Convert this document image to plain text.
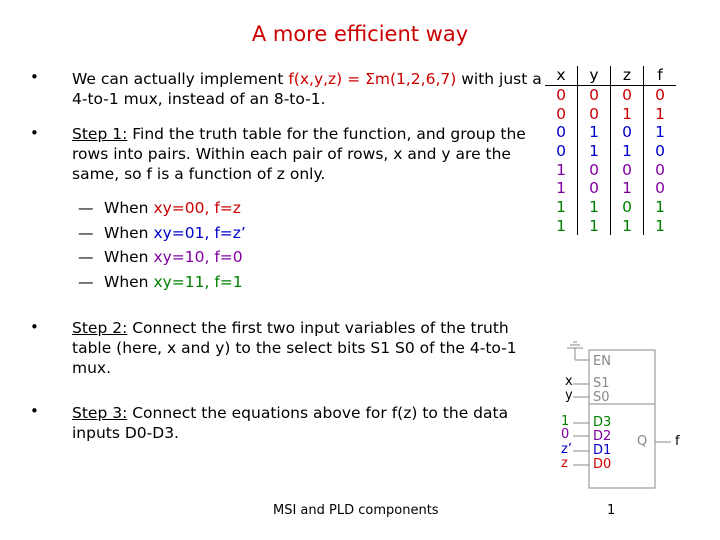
A more efficient way
• We can actually implement f(x,y,z) = Σm(1,2,6,7) with just a 4-to-1 mux, instead of an 8-to-1.
• Step 1: Find the truth table for the function, and group the rows into pairs. Within each pair of rows, x and y are the same, so f is a function of z only.
— When xy=00, f=z
— When xy=01, f=z’
— When xy=10, f=0
— When xy=11, f=1
• Step 2: Connect the first two input variables of the truth table (here, x and y) to the select bits S1 S0 of the 4-to-1 mux.
• Step 3: Connect the equations above for f(z) to the data inputs D0-D3.
x	y	z	f
0	0	0	0
0	0	1	1
0	1	0	1
0	1	1	0
1	0	0	0
1	0	1	0
1	1	0	1
1	1	1	1
EN
S1
S0
D3
D2
D1
D0
Q
x
y
1
0
z’
z
f
MSI and PLD components	1
